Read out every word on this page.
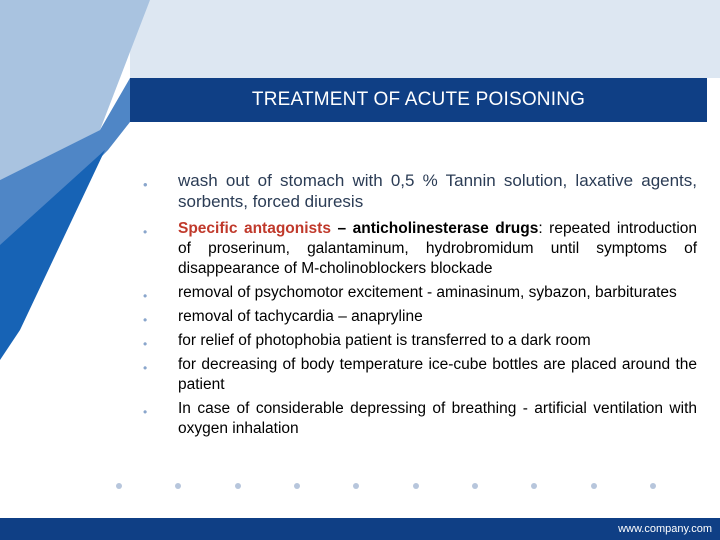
TREATMENT OF ACUTE POISONING
• wash out of stomach with 0,5 % Tannin solution, laxative agents, sorbents, forced diuresis
• Specific antagonists – anticholinesterase drugs: repeated introduction of proserinum, galantaminum, hydrobromidum until symptoms of disappearance of M-cholinoblockers blockade
• removal of psychomotor excitement - aminasinum, sybazon, barbiturates
• removal of tachycardia – anapryline
• for relief of photophobia patient is transferred to a dark room
• for decreasing of body temperature ice-cube bottles are placed around the patient
• In case of considerable depressing of breathing - artificial ventilation with oxygen inhalation
www.company.com
